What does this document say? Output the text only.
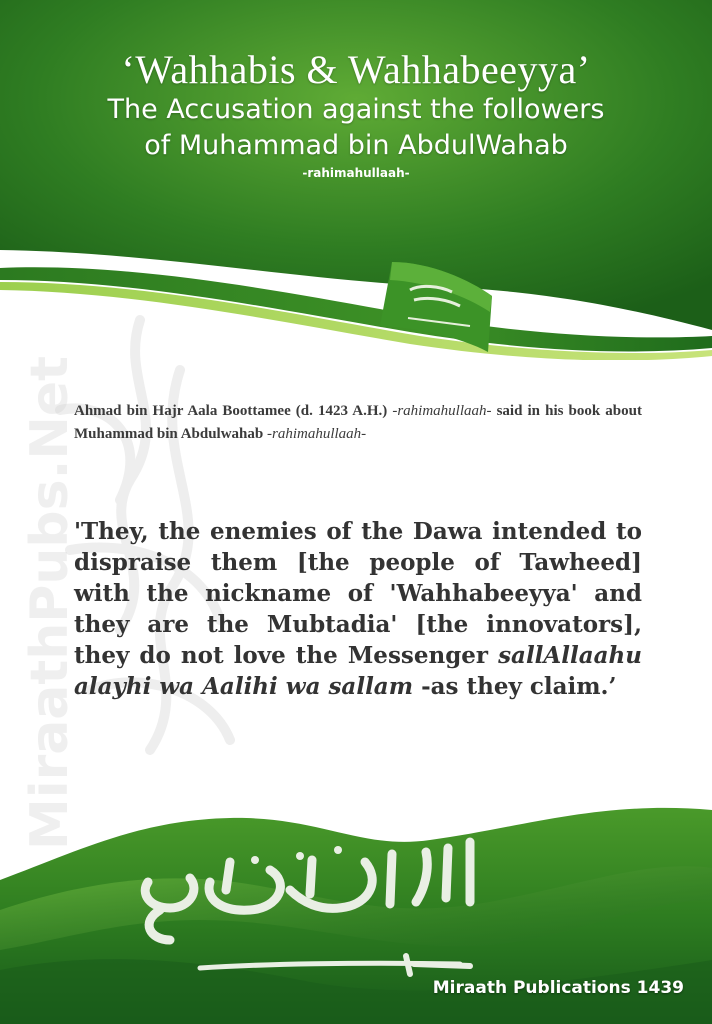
‘Wahhabis & Wahhabeeyya’

The Accusation against the followers

of Muhammad bin AbdulWahab

-rahimahullaah-
MiraathPubs.Net

Ahmad bin Hajr Aala Boottamee (d. 1423 A.H.) -rahimahullaah- said in his book about Muhammad bin Abdulwahab -rahimahullaah-

'They, the enemies of the Dawa intended to dispraise them [the people of Tawheed] with the nickname of 'Wahhabeeyya' and they are the Mubtadia' [the innovators], they do not love the Messenger sallAllaahu alayhi wa Aalihi wa sallam -as they claim.’

Miraath Publications 1439
